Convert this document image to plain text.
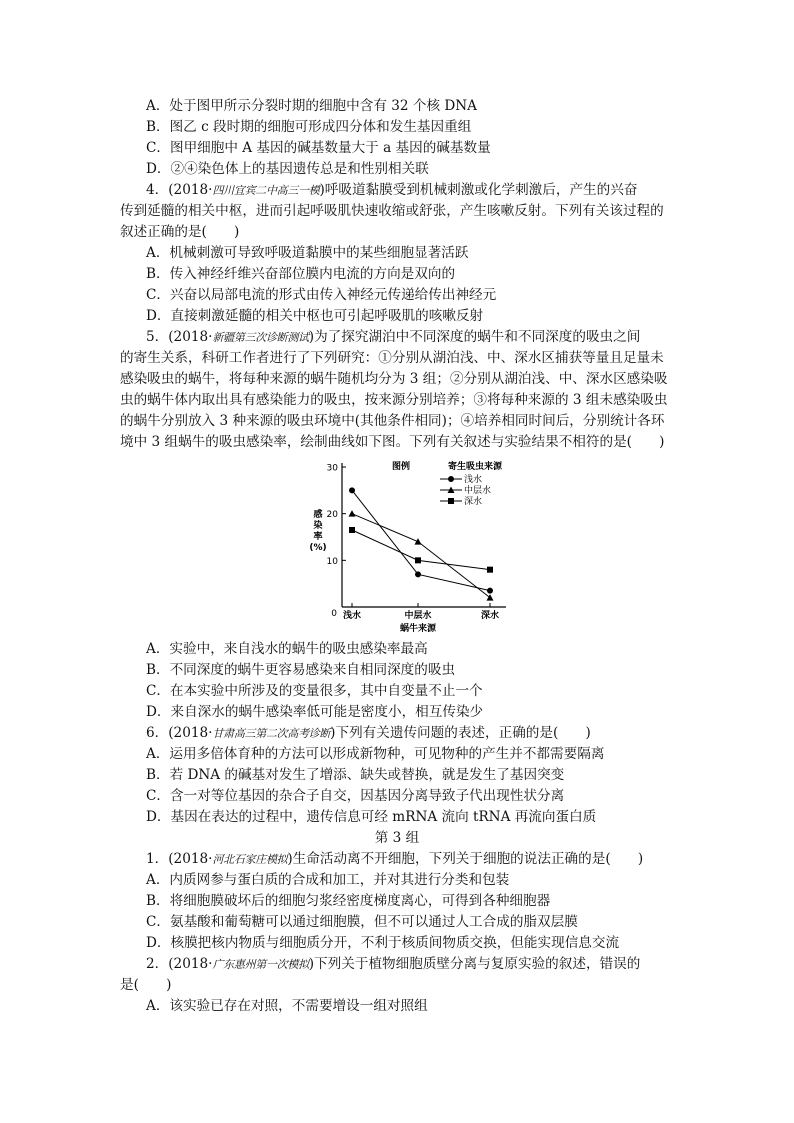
A．处于图甲所示分裂时期的细胞中含有 32 个核 DNA
B．图乙 c 段时期的细胞可形成四分体和发生基因重组
C．图甲细胞中 A 基因的碱基数量大于 a 基因的碱基数量
D．②④染色体上的基因遗传总是和性别相关联
4．(2018·四川宜宾二中高三一模)呼吸道黏膜受到机械刺激或化学刺激后，产生的兴奋
传到延髓的相关中枢，进而引起呼吸肌快速收缩或舒张，产生咳嗽反射。下列有关该过程的
叙述正确的是(　　)
A．机械刺激可导致呼吸道黏膜中的某些细胞显著活跃
B．传入神经纤维兴奋部位膜内电流的方向是双向的
C．兴奋以局部电流的形式由传入神经元传递给传出神经元
D．直接刺激延髓的相关中枢也可引起呼吸肌的咳嗽反射
5．(2018·新疆第三次诊断测试)为了探究湖泊中不同深度的蜗牛和不同深度的吸虫之间
的寄生关系，科研工作者进行了下列研究：①分别从湖泊浅、中、深水区捕获等量且足量未
感染吸虫的蜗牛，将每种来源的蜗牛随机均分为 3 组；②分别从湖泊浅、中、深水区感染吸
虫的蜗牛体内取出具有感染能力的吸虫，按来源分别培养；③将每种来源的 3 组未感染吸虫
的蜗牛分别放入 3 种来源的吸虫环境中(其他条件相同)；④培养相同时间后，分别统计各环
境中 3 组蜗牛的吸虫感染率，绘制曲线如下图。下列有关叙述与实验结果不相符的是(　　)
10
20
30
0 浅水	中层水	深水
蜗牛来源
感
染
率
(%)
图例	寄生吸虫来源
浅水
中层水
深水
A．实验中，来自浅水的蜗牛的吸虫感染率最高
B．不同深度的蜗牛更容易感染来自相同深度的吸虫
C．在本实验中所涉及的变量很多，其中自变量不止一个
D．来自深水的蜗牛感染率低可能是密度小，相互传染少
6．(2018·甘肃高三第二次高考诊断)下列有关遗传问题的表述，正确的是(　　)
A．运用多倍体育种的方法可以形成新物种，可见物种的产生并不都需要隔离
B．若 DNA 的碱基对发生了增添、缺失或替换，就是发生了基因突变
C．含一对等位基因的杂合子自交，因基因分离导致子代出现性状分离
D．基因在表达的过程中，遗传信息可经 mRNA 流向 tRNA 再流向蛋白质
第 3 组
1．(2018·河北石家庄模拟)生命活动离不开细胞，下列关于细胞的说法正确的是(　　)
A．内质网参与蛋白质的合成和加工，并对其进行分类和包装
B．将细胞膜破坏后的细胞匀浆经密度梯度离心，可得到各种细胞器
C．氨基酸和葡萄糖可以通过细胞膜，但不可以通过人工合成的脂双层膜
D．核膜把核内物质与细胞质分开，不利于核质间物质交换，但能实现信息交流
2．(2018·广东惠州第一次模拟)下列关于植物细胞质壁分离与复原实验的叙述，错误的
是(　　)
A．该实验已存在对照，不需要增设一组对照组
